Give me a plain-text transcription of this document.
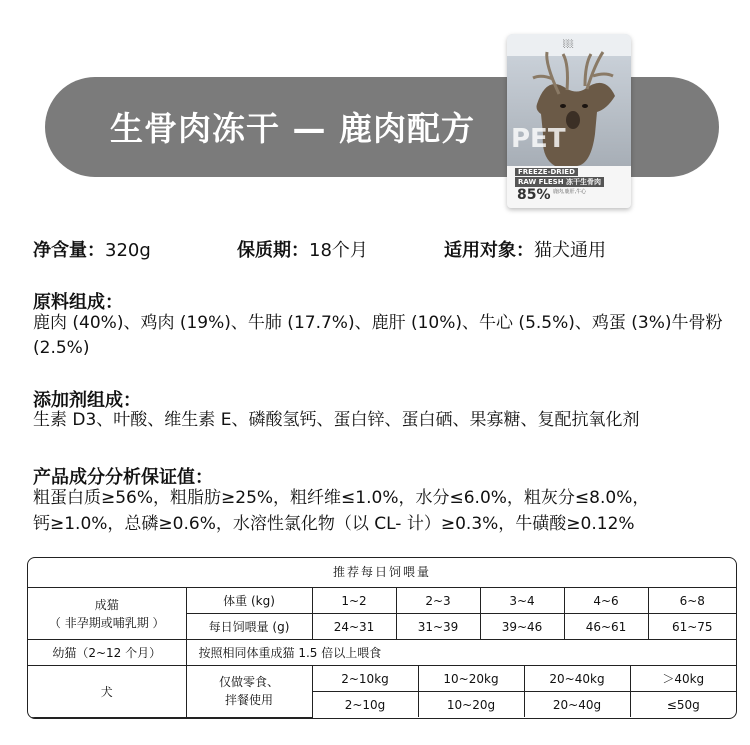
生骨肉冻干 — 鹿肉配方
░░
PET
FREEZE-DRIED
RAW FLESH 冻干生骨肉
85% 鹿肉,鹿肝,牛心
净含量：320g	保质期：18个月	适用对象：猫犬通用
原料组成：
鹿肉 (40%)、鸡肉 (19%)、牛肺 (17.7%)、鹿肝 (10%)、牛心 (5.5%)、鸡蛋 (3%)牛骨粉 (2.5%)
添加剂组成：
生素 D3、叶酸、维生素 E、磷酸氢钙、蛋白锌、蛋白硒、果寡糖、复配抗氧化剂
产品成分分析保证值：
粗蛋白质≥56%，粗脂肪≥25%，粗纤维≤1.0%，水分≤6.0%，粗灰分≤8.0%，
钙≥1.0%，总磷≥0.6%，水溶性氯化物（以 CL- 计）≥0.3%，牛磺酸≥0.12%
推荐每日饲喂量
成猫
（ 非孕期或哺乳期 ）	体重 (kg)	1~2	2~3	3~4	4~6	6~8
	每日饲喂量 (g)	24~31	31~39	39~46	46~61	61~75
幼猫（2~12 个月）	按照相同体重成猫 1.5 倍以上喂食					
犬	仅做零食、
拌餐使用	2~10kg	10~20kg	20~40kg	＞40kg
		2~10g	10~20g	20~40g	≤50g
